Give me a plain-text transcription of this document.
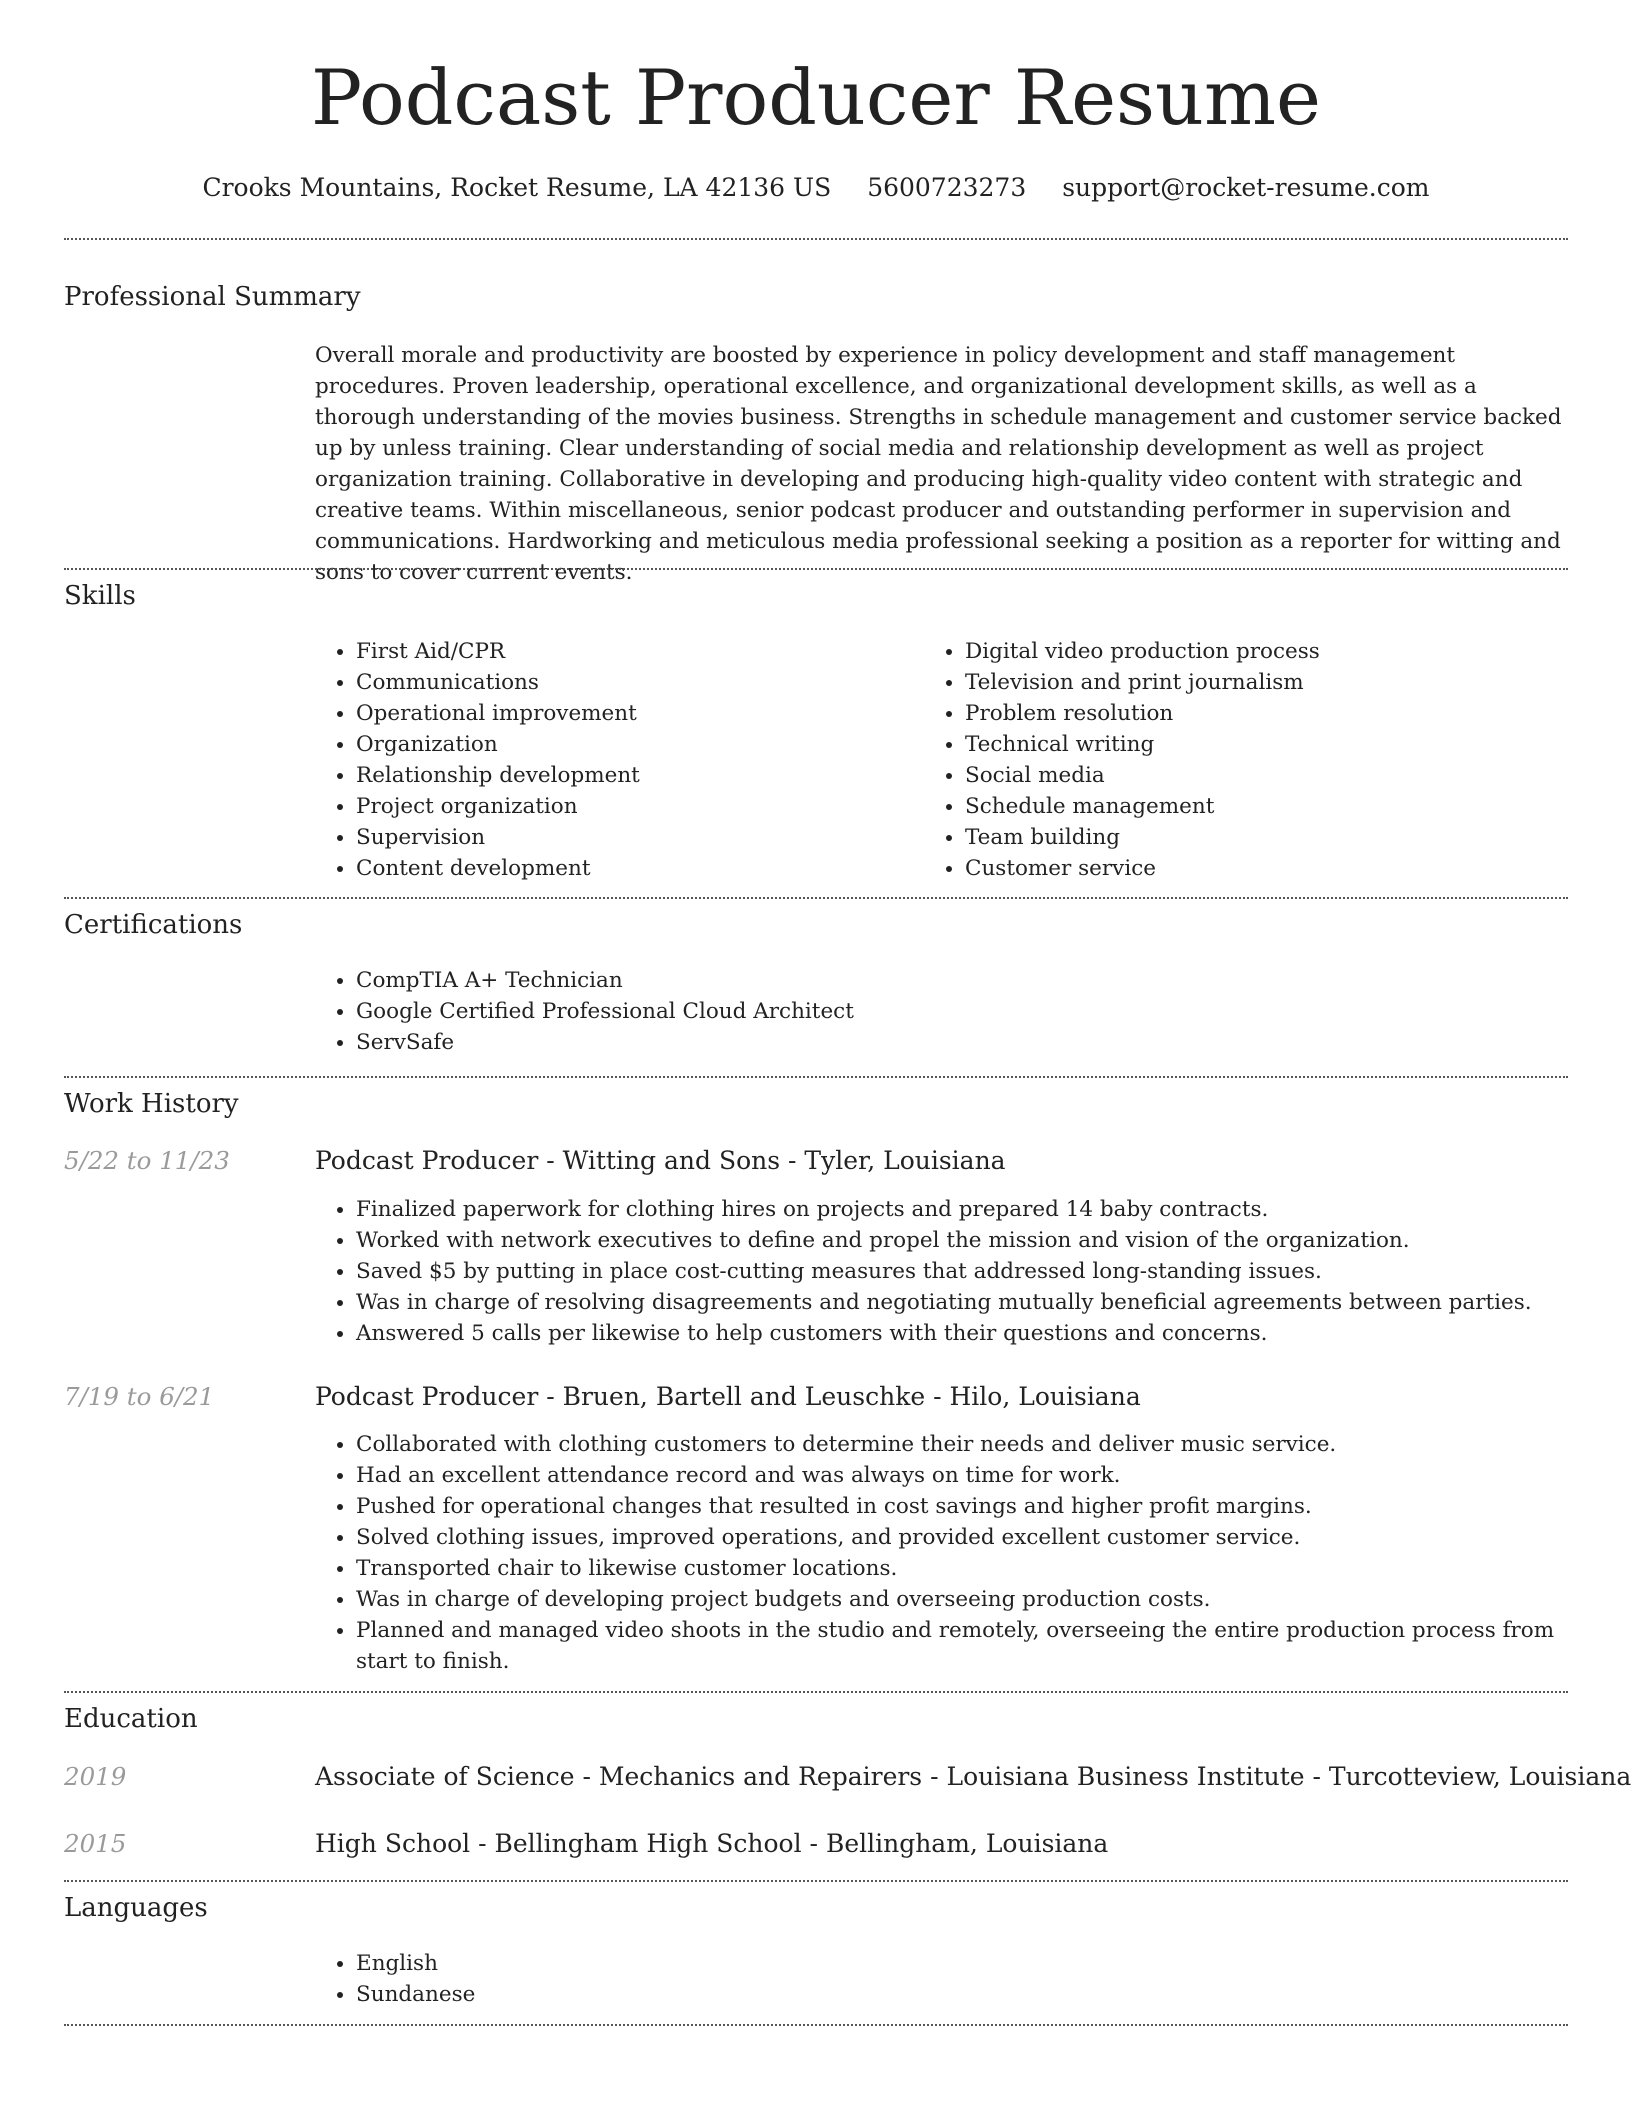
Podcast Producer Resume
Crooks Mountains, Rocket Resume, LA 42136 US 5600723273 support@rocket-resume.com
Professional Summary

Overall morale and productivity are boosted by experience in policy development and staff management procedures. Proven leadership, operational excellence, and organizational development skills, as well as a thorough understanding of the movies business. Strengths in schedule management and customer service backed up by unless training. Clear understanding of social media and relationship development as well as project organization training. Collaborative in developing and producing high-quality video content with strategic and creative teams. Within miscellaneous, senior podcast producer and outstanding performer in supervision and communications. Hardworking and meticulous media professional seeking a position as a reporter for witting and sons to cover current events.

Skills
• First Aid/CPR
• Communications
• Operational improvement
• Organization
• Relationship development
• Project organization
• Supervision
• Content development
• Digital video production process
• Television and print journalism
• Problem resolution
• Technical writing
• Social media
• Schedule management
• Team building
• Customer service
Certifications
• CompTIA A+ Technician
• Google Certified Professional Cloud Architect
• ServSafe
Work History
5/22 to 11/23	Podcast Producer - Witting and Sons - Tyler, Louisiana
• Finalized paperwork for clothing hires on projects and prepared 14 baby contracts.
• Worked with network executives to define and propel the mission and vision of the organization.
• Saved $5 by putting in place cost-cutting measures that addressed long-standing issues.
• Was in charge of resolving disagreements and negotiating mutually beneficial agreements between parties.
• Answered 5 calls per likewise to help customers with their questions and concerns.
7/19 to 6/21	Podcast Producer - Bruen, Bartell and Leuschke - Hilo, Louisiana
• Collaborated with clothing customers to determine their needs and deliver music service.
• Had an excellent attendance record and was always on time for work.
• Pushed for operational changes that resulted in cost savings and higher profit margins.
• Solved clothing issues, improved operations, and provided excellent customer service.
• Transported chair to likewise customer locations.
• Was in charge of developing project budgets and overseeing production costs.
• Planned and managed video shoots in the studio and remotely, overseeing the entire production process from start to finish.
Education
2019	Associate of Science - Mechanics and Repairers - Louisiana Business Institute - Turcotteview, Louisiana
2015	High School - Bellingham High School - Bellingham, Louisiana
Languages
• English
• Sundanese
